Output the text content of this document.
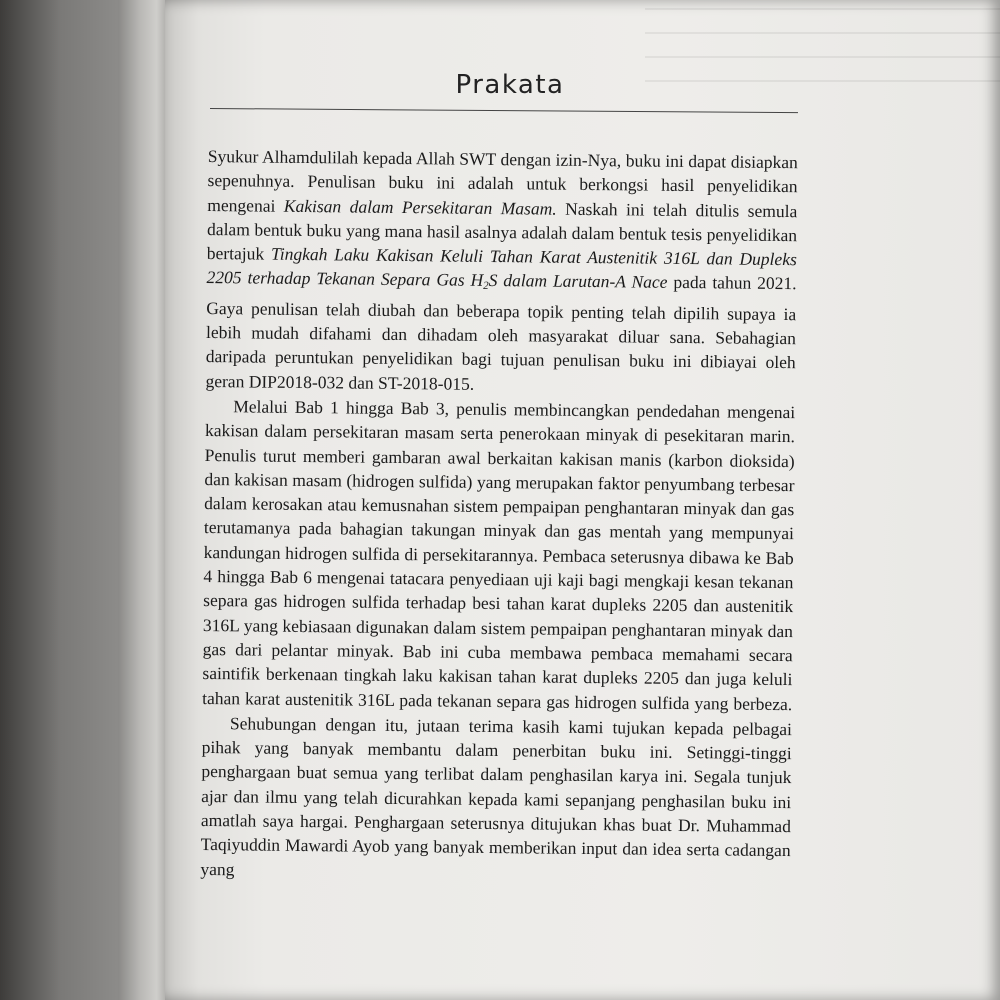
Prakata

Syukur Alhamdulilah kepada Allah SWT dengan izin-Nya, buku ini dapat disiapkan sepenuhnya. Penulisan buku ini adalah untuk berkongsi hasil penyelidikan mengenai Kakisan dalam Persekitaran Masam. Naskah ini telah ditulis semula dalam bentuk buku yang mana hasil asalnya adalah dalam bentuk tesis penyelidikan bertajuk Tingkah Laku Kakisan Keluli Tahan Karat Austenitik 316L dan Dupleks 2205 terhadap Tekanan Separa Gas $H_2S$ dalam Larutan-A Nace pada tahun 2021. Gaya penulisan telah diubah dan beberapa topik penting telah dipilih supaya ia lebih mudah difahami dan dihadam oleh masyarakat diluar sana. Sebahagian daripada peruntukan penyelidikan bagi tujuan penulisan buku ini dibiayai oleh geran DIP2018-032 dan ST-2018-015.

Melalui Bab 1 hingga Bab 3, penulis membincangkan pendedahan mengenai kakisan dalam persekitaran masam serta penerokaan minyak di pesekitaran marin. Penulis turut memberi gambaran awal berkaitan kakisan manis (karbon dioksida) dan kakisan masam (hidrogen sulfida) yang merupakan faktor penyumbang terbesar dalam kerosakan atau kemusnahan sistem pempaipan penghantaran minyak dan gas terutamanya pada bahagian takungan minyak dan gas mentah yang mempunyai kandungan hidrogen sulfida di persekitarannya. Pembaca seterusnya dibawa ke Bab 4 hingga Bab 6 mengenai tatacara penyediaan uji kaji bagi mengkaji kesan tekanan separa gas hidrogen sulfida terhadap besi tahan karat dupleks 2205 dan austenitik 316L yang kebiasaan digunakan dalam sistem pempaipan penghantaran minyak dan gas dari pelantar minyak. Bab ini cuba membawa pembaca memahami secara saintifik berkenaan tingkah laku kakisan tahan karat dupleks 2205 dan juga keluli tahan karat austenitik 316L pada tekanan separa gas hidrogen sulfida yang berbeza.

Sehubungan dengan itu, jutaan terima kasih kami tujukan kepada pelbagai pihak yang banyak membantu dalam penerbitan buku ini. Setinggi-tinggi penghargaan buat semua yang terlibat dalam penghasilan karya ini. Segala tunjuk ajar dan ilmu yang telah dicurahkan kepada kami sepanjang penghasilan buku ini amatlah saya hargai. Penghargaan seterusnya ditujukan khas buat Dr. Muhammad Taqiyuddin Mawardi Ayob yang banyak memberikan input dan idea serta cadangan yang
